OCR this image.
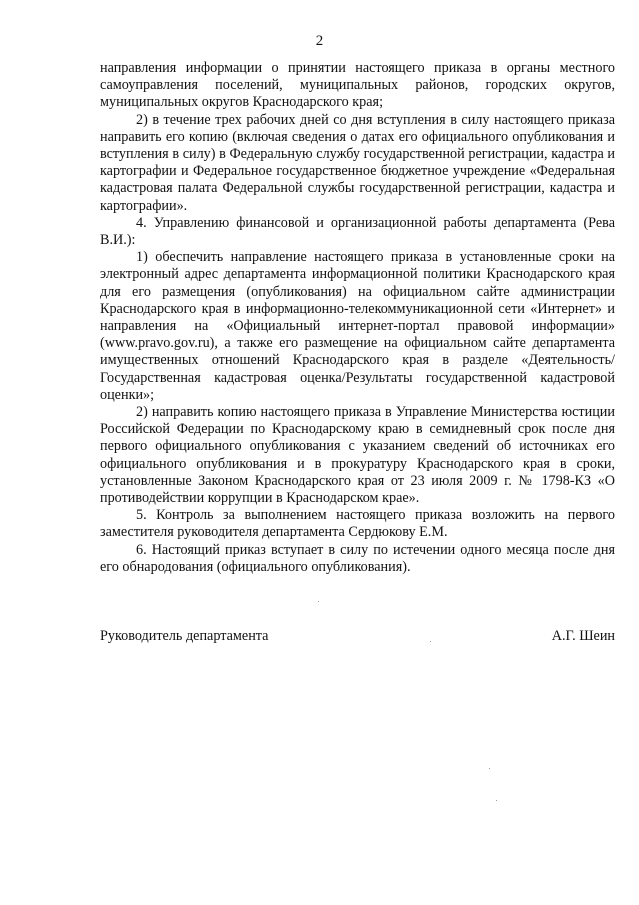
2

направления информации о принятии настоящего приказа в органы местного самоуправления поселений, муниципальных районов, городских округов, муниципальных округов Краснодарского края;

2) в течение трех рабочих дней со дня вступления в силу настоящего приказа направить его копию (включая сведения о датах его официального опубликования и вступления в силу) в Федеральную службу государственной регистрации, кадастра и картографии и Федеральное государственное бюджетное учреждение «Федеральная кадастровая палата Федеральной службы государственной регистрации, кадастра и картографии».

4. Управлению финансовой и организационной работы департамента (Рева В.И.):

1) обеспечить направление настоящего приказа в установленные сроки на электронный адрес департамента информационной политики Краснодарского края для его размещения (опубликования) на официальном сайте администрации Краснодарского края в информационно-телекоммуникационной сети «Интернет» и направления на «Официальный интернет-портал правовой информации» (www.pravo.gov.ru), а также его размещение на официальном сайте департамента имущественных отношений Краснодарского края в разделе «Деятельность/Государственная кадастровая оценка/Результаты государственной кадастровой оценки»;

2) направить копию настоящего приказа в Управление Министерства юстиции Российской Федерации по Краснодарскому краю в семидневный срок после дня первого официального опубликования с указанием сведений об источниках его официального опубликования и в прокуратуру Краснодарского края в сроки, установленные Законом Краснодарского края от 23 июля 2009 г. № 1798-КЗ «О противодействии коррупции в Краснодарском крае».

5. Контроль за выполнением настоящего приказа возложить на первого заместителя руководителя департамента Сердюкову Е.М.

6. Настоящий приказ вступает в силу по истечении одного месяца после дня его обнародования (официального опубликования).

Руководитель департамента	А.Г. Шеин
